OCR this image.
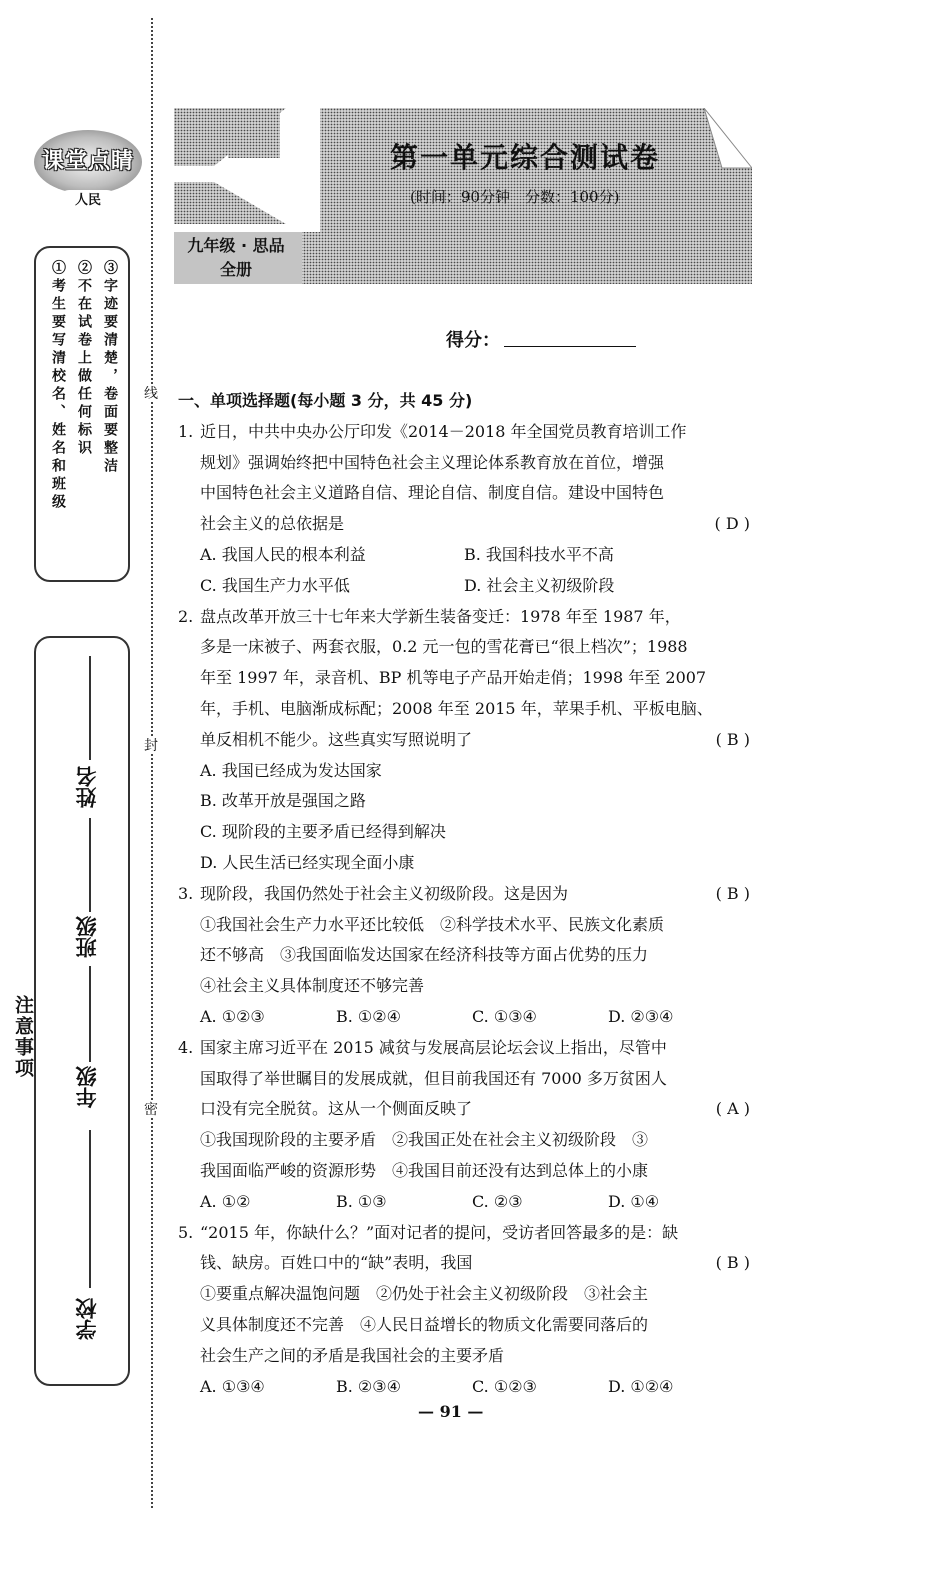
课堂点睛
人民
①考生要写清校名、姓名和班级 ②不在试卷上做任何标识 ③字迹要清楚，卷面要整洁
注意事项
学校
年级
班级
姓名
线
封
密
第一单元综合测试卷
(时间：90分钟　分数：100分)
九年级 · 思品
全册
得分：
一、单项选择题(每小题 3 分，共 45 分)
1. 近日，中共中央办公厅印发《2014－2018 年全国党员教育培训工作
规划》强调始终把中国特色社会主义理论体系教育放在首位，增强
中国特色社会主义道路自信、理论自信、制度自信。建设中国特色
社会主义的总依据是	( D )
A. 我国人民的根本利益	B. 我国科技水平不高
C. 我国生产力水平低	D. 社会主义初级阶段
2. 盘点改革开放三十七年来大学新生装备变迁：1978 年至 1987 年，
多是一床被子、两套衣服，0.2 元一包的雪花膏已“很上档次”；1988
年至 1997 年，录音机、BP 机等电子产品开始走俏；1998 年至 2007
年，手机、电脑渐成标配；2008 年至 2015 年，苹果手机、平板电脑、
单反相机不能少。这些真实写照说明了	( B )
A. 我国已经成为发达国家
B. 改革开放是强国之路
C. 现阶段的主要矛盾已经得到解决
D. 人民生活已经实现全面小康
3. 现阶段，我国仍然处于社会主义初级阶段。这是因为	( B )
①我国社会生产力水平还比较低　②科学技术水平、民族文化素质
还不够高　③我国面临发达国家在经济科技等方面占优势的压力
④社会主义具体制度还不够完善
A. ①②③	B. ①②④	C. ①③④	D. ②③④
4. 国家主席习近平在 2015 减贫与发展高层论坛会议上指出，尽管中
国取得了举世瞩目的发展成就，但目前我国还有 7000 多万贫困人
口没有完全脱贫。这从一个侧面反映了	( A )
①我国现阶段的主要矛盾　②我国正处在社会主义初级阶段　③
我国面临严峻的资源形势　④我国目前还没有达到总体上的小康
A. ①②	B. ①③	C. ②③	D. ①④
5. “2015 年，你缺什么？”面对记者的提问，受访者回答最多的是：缺
钱、缺房。百姓口中的“缺”表明，我国	( B )
①要重点解决温饱问题　②仍处于社会主义初级阶段　③社会主
义具体制度还不完善　④人民日益增长的物质文化需要同落后的
社会生产之间的矛盾是我国社会的主要矛盾
A. ①③④	B. ②③④	C. ①②③	D. ①②④
— 91 —
